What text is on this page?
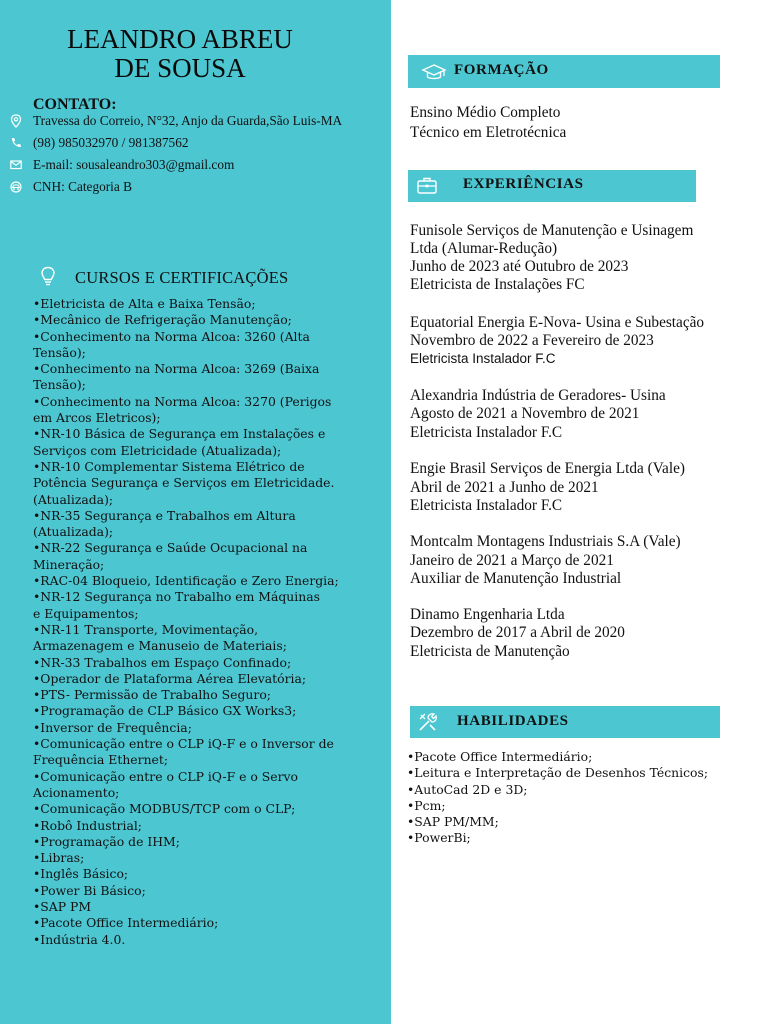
LEANDRO ABREU
DE SOUSA
CONTATO:
Travessa do Correio, N°32, Anjo da Guarda,São Luis-MA
(98) 985032970 / 981387562
E-mail: sousaleandro303@gmail.com
CNH: Categoria B
CURSOS E CERTIFICAÇÕES
•Eletricista de Alta e Baixa Tensão;
•Mecânico de Refrigeração Manutenção;
•Conhecimento na Norma Alcoa: 3260 (Alta
Tensão);
•Conhecimento na Norma Alcoa: 3269 (Baixa
Tensão);
•Conhecimento na Norma Alcoa: 3270 (Perigos
em Arcos Eletricos);
•NR-10 Básica de Segurança em Instalações e
Serviços com Eletricidade (Atualizada);
•NR-10 Complementar Sistema Elétrico de
Potência Segurança e Serviços em Eletricidade.
(Atualizada);
•NR-35 Segurança e Trabalhos em Altura
(Atualizada);
•NR-22 Segurança e Saúde Ocupacional na
Mineração;
•RAC-04 Bloqueio, Identificação e Zero Energia;
•NR-12 Segurança no Trabalho em Máquinas
e Equipamentos;
•NR-11 Transporte, Movimentação,
Armazenagem e Manuseio de Materiais;
•NR-33 Trabalhos em Espaço Confinado;
•Operador de Plataforma Aérea Elevatória;
•PTS- Permissão de Trabalho Seguro;
•Programação de CLP Básico GX Works3;
•Inversor de Frequência;
•Comunicação entre o CLP iQ-F e o Inversor de
Frequência Ethernet;
•Comunicação entre o CLP iQ-F e o Servo
Acionamento;
•Comunicação MODBUS/TCP com o CLP;
•Robô Industrial;
•Programação de IHM;
•Libras;
•Inglês Básico;
•Power Bi Básico;
•SAP PM
•Pacote Office Intermediário;
•Indústria 4.0.
FORMAÇÃO
Ensino Médio Completo
Técnico em Eletrotécnica
EXPERIÊNCIAS
Funisole Serviços de Manutenção e Usinagem
Ltda (Alumar-Redução)
Junho de 2023 até Outubro de 2023
Eletricista de Instalações FC
Equatorial Energia E-Nova- Usina e Subestação
Novembro de 2022 a Fevereiro de 2023
Eletricista Instalador F.C
Alexandria Indústria de Geradores- Usina
Agosto de 2021 a Novembro de 2021
Eletricista Instalador F.C
Engie Brasil Serviços de Energia Ltda (Vale)
Abril de 2021 a Junho de 2021
Eletricista Instalador F.C
Montcalm Montagens Industriais S.A (Vale)
Janeiro de 2021 a Março de 2021
Auxiliar de Manutenção Industrial
Dinamo Engenharia Ltda
Dezembro de 2017 a Abril de 2020
Eletricista de Manutenção
HABILIDADES
•Pacote Office Intermediário;
•Leitura e Interpretação de Desenhos Técnicos;
•AutoCad 2D e 3D;
•Pcm;
•SAP PM/MM;
•PowerBi;
